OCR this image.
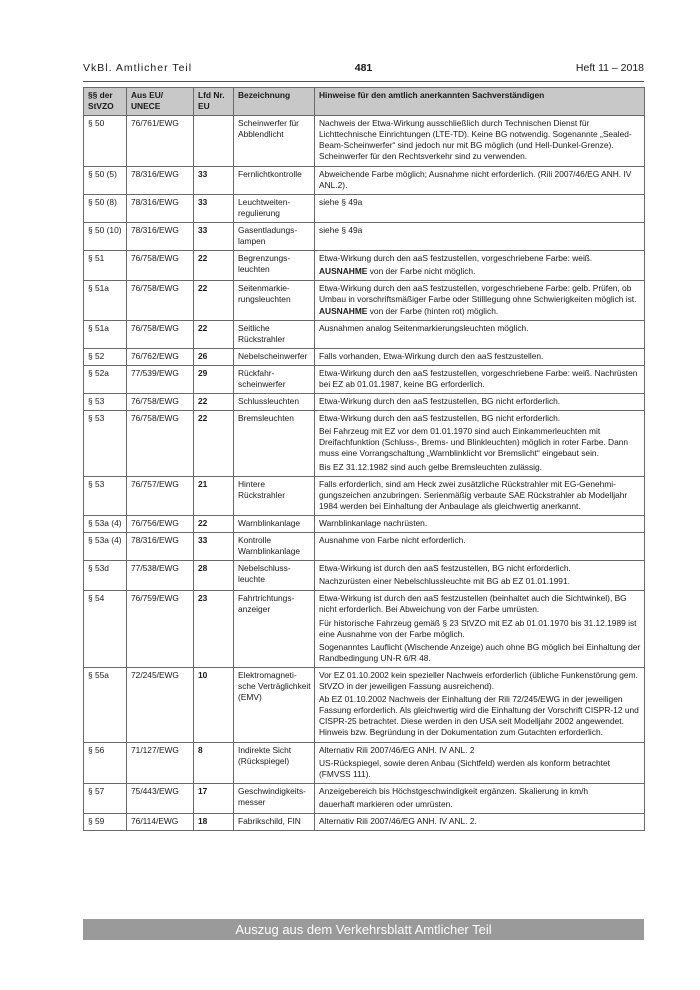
VkBl. Amtlicher Teil	481	Heft 11 – 2018
§§ der StVZO	Aus EU/ UNECE	Lfd Nr. EU	Bezeichnung	Hinweise für den amtlich anerkannten Sachverständigen
§ 50	76/761/EWG		Scheinwerfer für Abblendlicht	Nachweis der Etwa-Wirkung ausschließlich durch Technischen Dienst für Lichttechnische Einrichtungen (LTE-TD). Keine BG notwendig. Sogenannte „Sealed-Beam-Scheinwerfer“ sind jedoch nur mit BG möglich (und Hell-Dunkel-Grenze). Scheinwerfer für den Rechtsverkehr sind zu verwenden.

§ 50 (5)	78/316/EWG	33	Fernlichtkontrolle	Abweichende Farbe möglich; Ausnahme nicht erforderlich. (Rili 2007/46/EG ANH. IV ANL.2).

§ 50 (8)	78/316/EWG	33	Leuchtweitenregulierung	siehe § 49a

§ 50 (10)	78/316/EWG	33	Gasentladungslampen	siehe § 49a

§ 51	76/758/EWG	22	Begrenzungsleuchten	Etwa-Wirkung durch den aaS festzustellen, vorgeschriebene Farbe: weiß.

AUSNAHME von der Farbe nicht möglich.

§ 51a	76/758/EWG	22	Seitenmarkierungsleuchten	Etwa-Wirkung durch den aaS festzustellen, vorgeschriebene Farbe: gelb. Prüfen, ob Umbau in vorschriftsmäßiger Farbe oder Stilllegung ohne Schwierigkeiten möglich ist. AUSNAHME von der Farbe (hinten rot) möglich.

§ 51a	76/758/EWG	22	Seitliche Rückstrahler	Ausnahmen analog Seitenmarkierungsleuchten möglich.

§ 52	76/762/EWG	26	Nebelscheinwerfer	Falls vorhanden, Etwa-Wirkung durch den aaS festzustellen.

§ 52a	77/539/EWG	29	Rückfahrscheinwerfer	Etwa-Wirkung durch den aaS festzustellen, vorgeschriebene Farbe: weiß. Nachrüsten bei EZ ab 01.01.1987, keine BG erforderlich.

§ 53	76/758/EWG	22	Schlussleuchten	Etwa-Wirkung durch den aaS festzustellen, BG nicht erforderlich.

§ 53	76/758/EWG	22	Bremsleuchten	Etwa-Wirkung durch den aaS festzustellen, BG nicht erforderlich.

Bei Fahrzeug mit EZ vor dem 01.01.1970 sind auch Einkammerleuchten mit Dreifachfunktion (Schluss-, Brems- und Blinkleuchten) möglich in roter Farbe. Dann muss eine Vorrangschaltung „Warnblinklicht vor Bremslicht“ eingebaut sein.

Bis EZ 31.12.1982 sind auch gelbe Bremsleuchten zulässig.

§ 53	76/757/EWG	21	Hintere Rückstrahler	Falls erforderlich, sind am Heck zwei zusätzliche Rückstrahler mit EG-Genehmigungszeichen anzubringen. Serienmäßig verbaute SAE Rückstrahler ab Modelljahr 1984 werden bei Einhaltung der Anbaulage als gleichwertig anerkannt.

§ 53a (4)	76/756/EWG	22	Warnblinkanlage	Warnblinkanlage nachrüsten.

§ 53a (4)	78/316/EWG	33	Kontrolle Warnblinkanlage	Ausnahme von Farbe nicht erforderlich.

§ 53d	77/538/EWG	28	Nebelschlussleuchte	Etwa-Wirkung ist durch den aaS festzustellen, BG nicht erforderlich.

Nachzurüsten einer Nebelschlussleuchte mit BG ab EZ 01.01.1991.

§ 54	76/759/EWG	23	Fahrtrichtungsanzeiger	Etwa-Wirkung ist durch den aaS festzustellen (beinhaltet auch die Sichtwinkel), BG nicht erforderlich. Bei Abweichung von der Farbe umrüsten.

Für historische Fahrzeug gemäß § 23 StVZO mit EZ ab 01.01.1970 bis 31.12.1989 ist eine Ausnahme von der Farbe möglich.

Sogenanntes Lauflicht (Wischende Anzeige) auch ohne BG möglich bei Einhaltung der Randbedingung UN-R 6/R 48.

§ 55a	72/245/EWG	10	Elektromagnetische Verträglichkeit (EMV)	Vor EZ 01.10.2002 kein spezieller Nachweis erforderlich (übliche Funkenstörung gem. StVZO in der jeweiligen Fassung ausreichend).

Ab EZ 01.10.2002 Nachweis der Einhaltung der Rili 72/245/EWG in der jeweiligen Fassung erforderlich. Als gleichwertig wird die Einhaltung der Vorschrift CISPR-12 und CISPR-25 betrachtet. Diese werden in den USA seit Modelljahr 2002 angewendet. Hinweis bzw. Begründung in der Dokumentation zum Gutachten erforderlich.

§ 56	71/127/EWG	8	Indirekte Sicht (Rückspiegel)	Alternativ Rili 2007/46/EG ANH. IV ANL. 2

US-Rückspiegel, sowie deren Anbau (Sichtfeld) werden als konform betrachtet (FMVSS 111).

§ 57	75/443/EWG	17	Geschwindigkeitsmesser	Anzeigebereich bis Höchstgeschwindigkeit ergänzen. Skalierung in km/h

dauerhaft markieren oder umrüsten.

§ 59	76/114/EWG	18	Fabrikschild, FIN	Alternativ Rili 2007/46/EG ANH. IV ANL. 2.

Auszug aus dem Verkehrsblatt Amtlicher Teil
